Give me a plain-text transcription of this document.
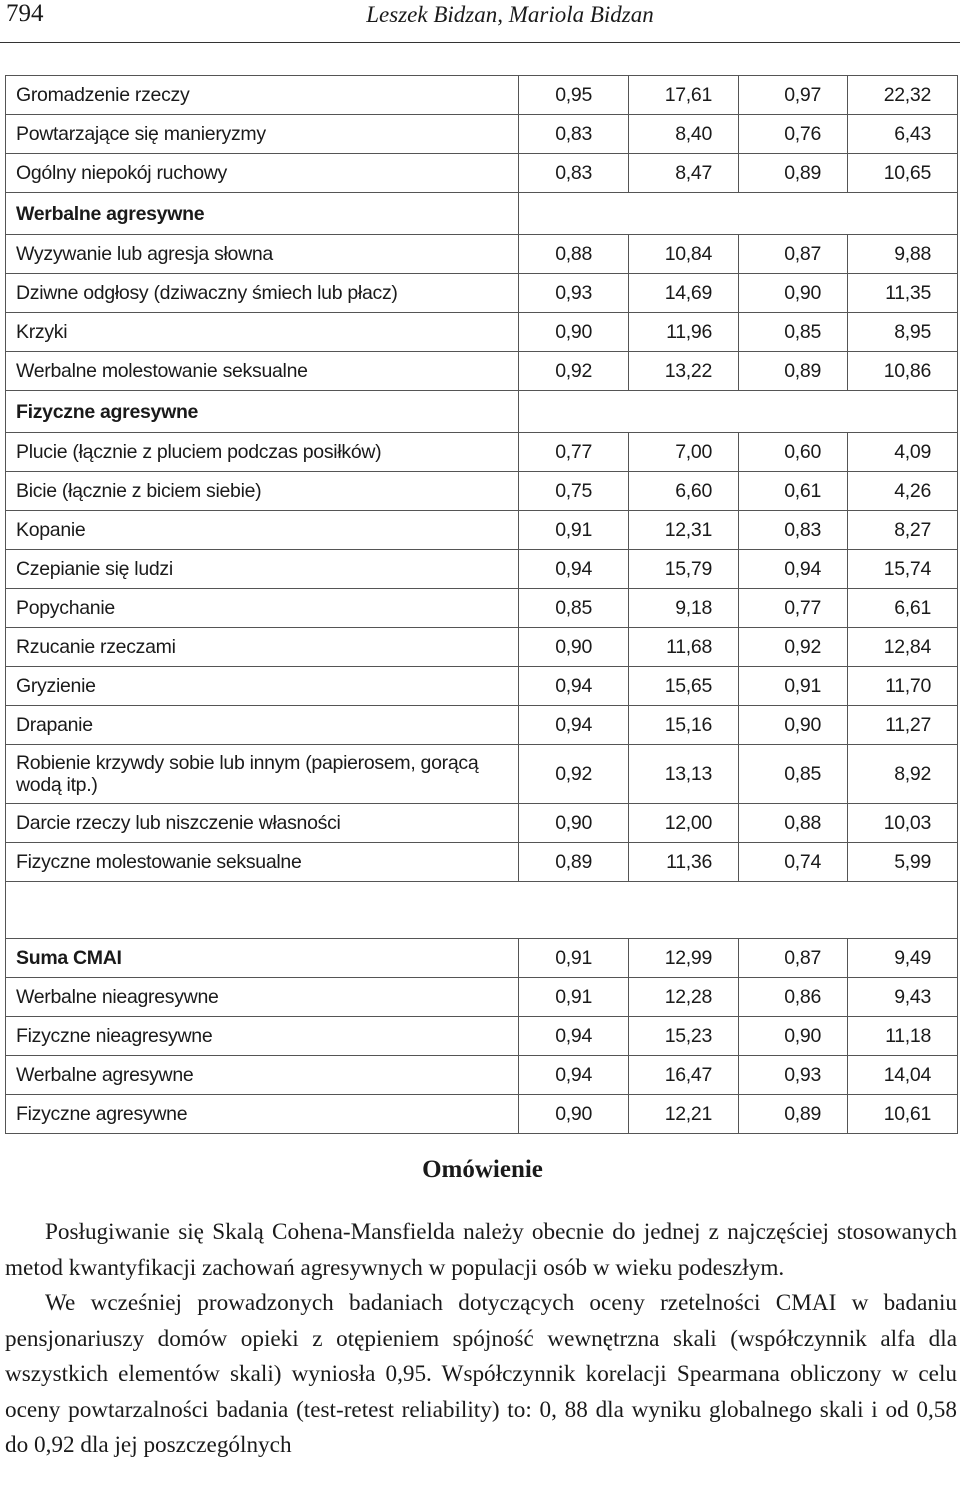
794	Leszek Bidzan, Mariola Bidzan
Gromadzenie rzeczy	0,95	17,61	0,97	22,32
Powtarzające się manieryzmy	0,83	8,40	0,76	6,43
Ogólny niepokój ruchowy	0,83	8,47	0,89	10,65
Werbalne agresywne				
Wyzywanie lub agresja słowna	0,88	10,84	0,87	9,88
Dziwne odgłosy (dziwaczny śmiech lub płacz)	0,93	14,69	0,90	11,35
Krzyki	0,90	11,96	0,85	8,95
Werbalne molestowanie seksualne	0,92	13,22	0,89	10,86
Fizyczne agresywne				
Plucie (łącznie z pluciem podczas posiłków)	0,77	7,00	0,60	4,09
Bicie (łącznie z biciem siebie)	0,75	6,60	0,61	4,26
Kopanie	0,91	12,31	0,83	8,27
Czepianie się ludzi	0,94	15,79	0,94	15,74
Popychanie	0,85	9,18	0,77	6,61
Rzucanie rzeczami	0,90	11,68	0,92	12,84
Gryzienie	0,94	15,65	0,91	11,70
Drapanie	0,94	15,16	0,90	11,27
Robienie krzywdy sobie lub innym (papierosem, gorącą wodą itp.)	0,92	13,13	0,85	8,92
Darcie rzeczy lub niszczenie własności	0,90	12,00	0,88	10,03
Fizyczne molestowanie seksualne	0,89	11,36	0,74	5,99

Suma CMAI	0,91	12,99	0,87	9,49
Werbalne nieagresywne	0,91	12,28	0,86	9,43
Fizyczne nieagresywne	0,94	15,23	0,90	11,18
Werbalne agresywne	0,94	16,47	0,93	14,04
Fizyczne agresywne	0,90	12,21	0,89	10,61
Omówienie

Posługiwanie się Skalą Cohena-Mansfielda należy obecnie do jednej z najczęściej stosowanych metod kwantyfikacji zachowań agresywnych w populacji osób w wieku podeszłym.

We wcześniej prowadzonych badaniach dotyczących oceny rzetelności CMAI w badaniu pensjonariuszy domów opieki z otępieniem spójność wewnętrzna skali (współczynnik alfa dla wszystkich elementów skali) wyniosła 0,95. Współczynnik korelacji Spearmana obliczony w celu oceny powtarzalności badania (test-retest reliability) to: 0, 88 dla wyniku globalnego skali i od 0,58 do 0,92 dla jej poszczególnych
